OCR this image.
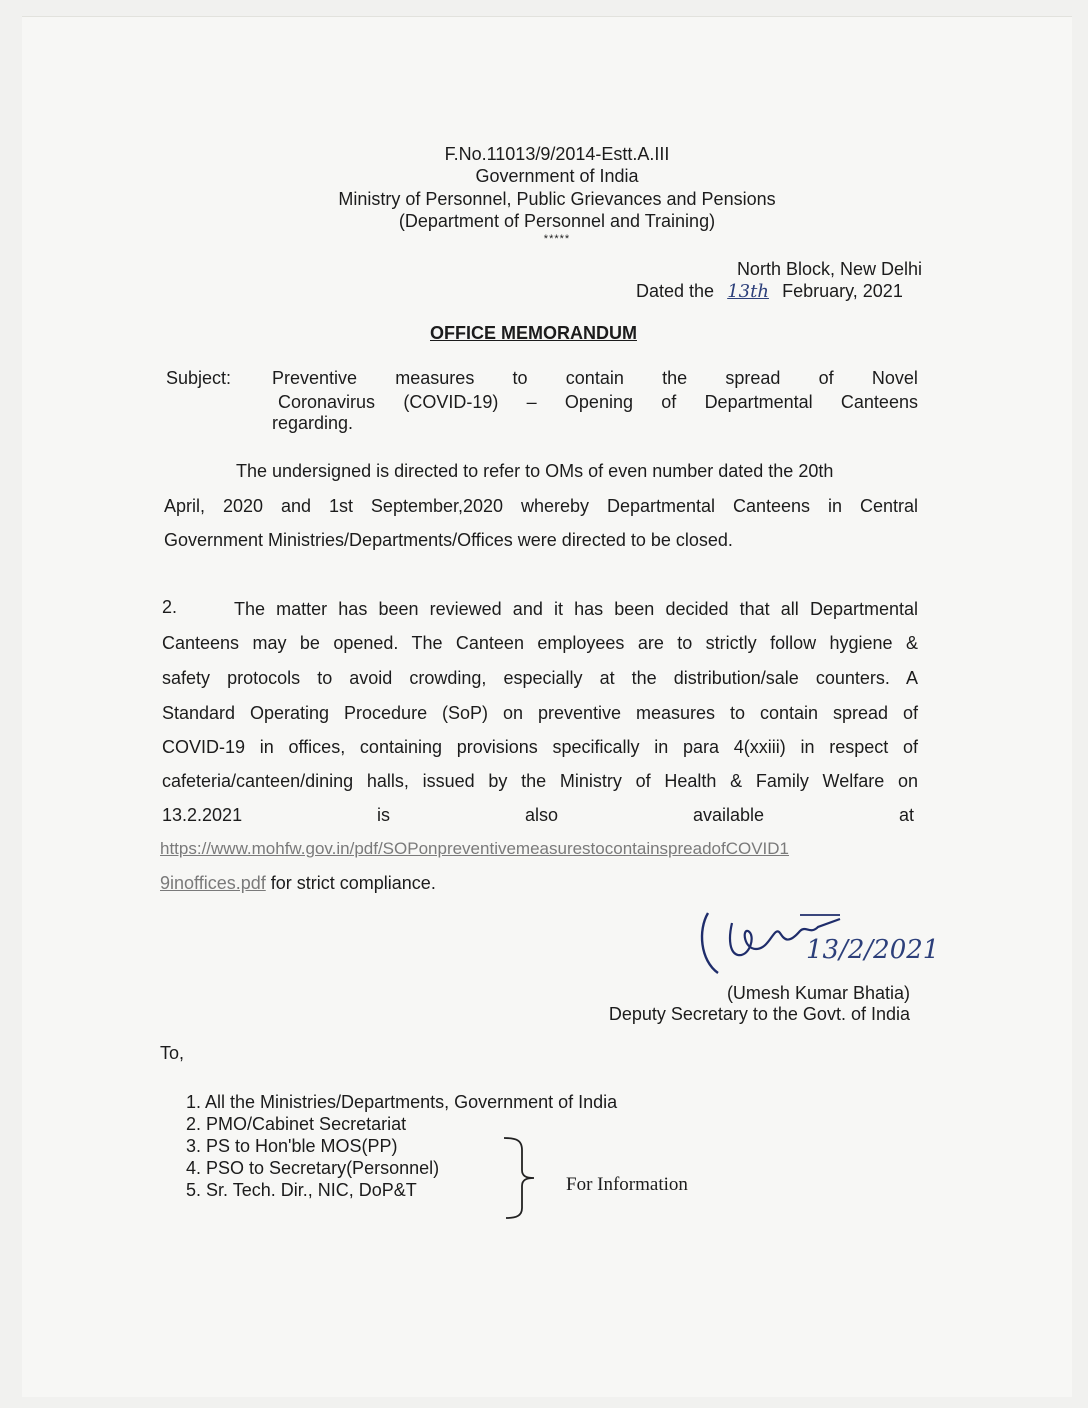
F.No.11013/9/2014-Estt.A.III
Government of India
Ministry of Personnel, Public Grievances and Pensions
(Department of Personnel and Training)
*****
North Block, New Delhi
Dated the 13th February, 2021
OFFICE MEMORANDUM
Subject: Preventive measures to contain the spread of Novel
Coronavirus (COVID-19) – Opening of Departmental Canteens
regarding.
The undersigned is directed to refer to OMs of even number dated the 20th
April, 2020 and 1st September,2020 whereby Departmental Canteens in Central
Government Ministries/Departments/Offices were directed to be closed.
2.	The matter has been reviewed and it has been decided that all Departmental
Canteens may be opened. The Canteen employees are to strictly follow hygiene &
safety protocols to avoid crowding, especially at the distribution/sale counters. A
Standard Operating Procedure (SoP) on preventive measures to contain spread of
COVID-19 in offices, containing provisions specifically in para 4(xxiii) in respect of
cafeteria/canteen/dining halls, issued by the Ministry of Health & Family Welfare on
13.2.2021	is	also	available	at
https://www.mohfw.gov.in/pdf/SOPonpreventivemeasurestocontainspreadofCOVID1
9inoffices.pdf for strict compliance.
13/2/2021
(Umesh Kumar Bhatia)
Deputy Secretary to the Govt. of India
To,
1. All the Ministries/Departments, Government of India
2. PMO/Cabinet Secretariat
3. PS to Hon'ble MOS(PP)
4. PSO to Secretary(Personnel)
5. Sr. Tech. Dir., NIC, DoP&T	For Information
